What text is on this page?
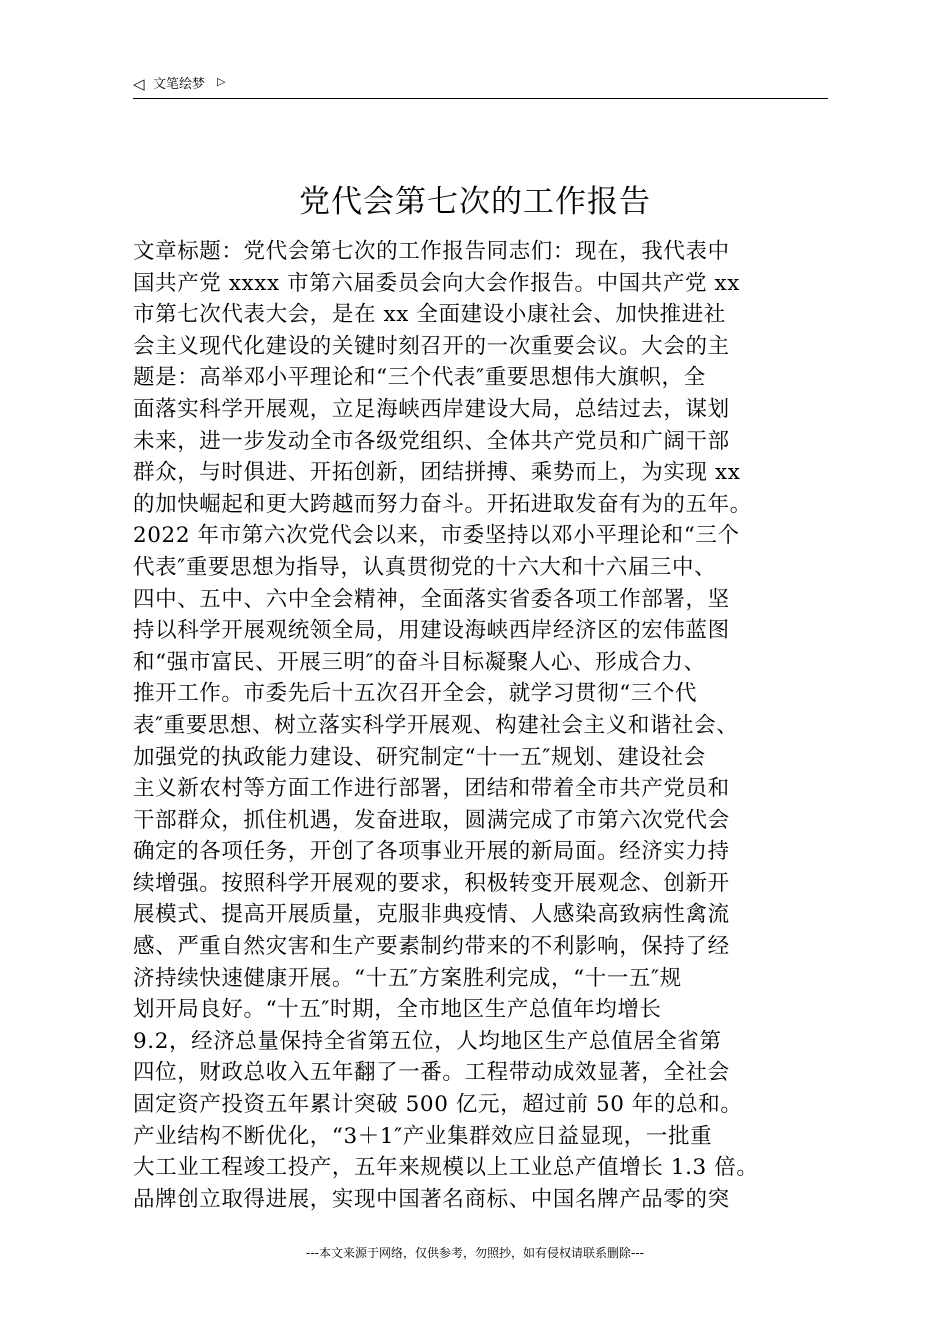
◁ 文笔绘梦 ▷
党代会第七次的工作报告
文章标题：党代会第七次的工作报告同志们：现在，我代表中
国共产党 xxxx 市第六届委员会向大会作报告。中国共产党 xx
市第七次代表大会，是在 xx 全面建设小康社会、加快推进社
会主义现代化建设的关键时刻召开的一次重要会议。大会的主
题是：高举邓小平理论和“三个代表″重要思想伟大旗帜，全
面落实科学开展观，立足海峡西岸建设大局，总结过去，谋划
未来，进一步发动全市各级党组织、全体共产党员和广阔干部
群众，与时俱进、开拓创新，团结拼搏、乘势而上，为实现 xx
的加快崛起和更大跨越而努力奋斗。开拓进取发奋有为的五年。
2022 年市第六次党代会以来，市委坚持以邓小平理论和“三个
代表″重要思想为指导，认真贯彻党的十六大和十六届三中、
四中、五中、六中全会精神，全面落实省委各项工作部署，坚
持以科学开展观统领全局，用建设海峡西岸经济区的宏伟蓝图
和“强市富民、开展三明″的奋斗目标凝聚人心、形成合力、
推开工作。市委先后十五次召开全会，就学习贯彻“三个代
表″重要思想、树立落实科学开展观、构建社会主义和谐社会、
加强党的执政能力建设、研究制定“十一五″规划、建设社会
主义新农村等方面工作进行部署，团结和带着全市共产党员和
干部群众，抓住机遇，发奋进取，圆满完成了市第六次党代会
确定的各项任务，开创了各项事业开展的新局面。经济实力持
续增强。按照科学开展观的要求，积极转变开展观念、创新开
展模式、提高开展质量，克服非典疫情、人感染高致病性禽流
感、严重自然灾害和生产要素制约带来的不利影响，保持了经
济持续快速健康开展。“十五″方案胜利完成，“十一五″规
划开局良好。“十五″时期，全市地区生产总值年均增长
9.2，经济总量保持全省第五位，人均地区生产总值居全省第
四位，财政总收入五年翻了一番。工程带动成效显著，全社会
固定资产投资五年累计突破 500 亿元，超过前 50 年的总和。
产业结构不断优化，“3＋1″产业集群效应日益显现，一批重
大工业工程竣工投产，五年来规模以上工业总产值增长 1.3 倍。
品牌创立取得进展，实现中国著名商标、中国名牌产品零的突
---本文来源于网络，仅供参考，勿照抄，如有侵权请联系删除---
